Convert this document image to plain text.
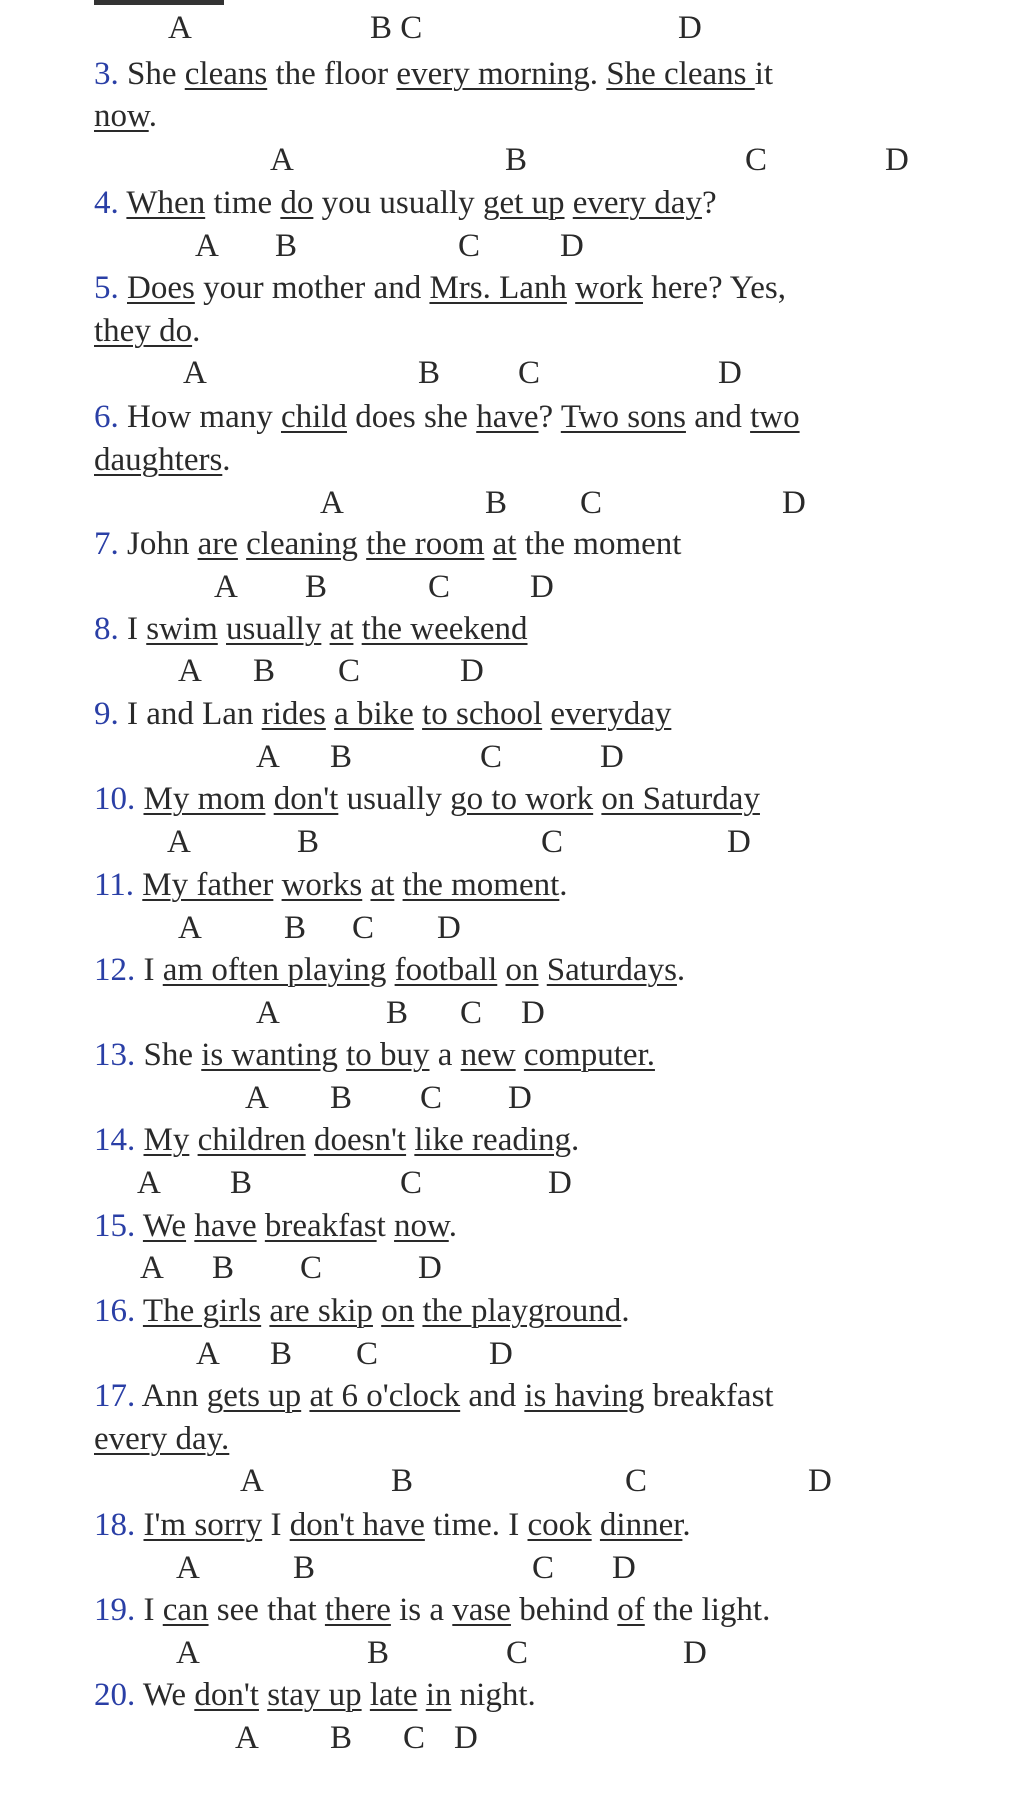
A	B C	D
3. She cleans the floor every morning. She cleans it
now.
A	B	C	D
4. When time do you usually get up every day?
A B	C D
5. Does your mother and Mrs. Lanh work here? Yes,
they do.
A	B C	D
6. How many child does she have? Two sons and two
daughters.
A	B C	D
7. John are cleaning the room at the moment
A B	C D
8. I swim usually at the weekend
A B C	D
9. I and Lan rides a bike to school everyday
A B	C	D
10. My mom don't usually go to work on Saturday
A	B	C	D
11. My father works at the moment.
A B C D
12. I am often playing football on Saturdays.
A	B C D
13. She is wanting to buy a new computer.
A B C D
14. My children doesn't like reading.
A B	C	D
15. We have breakfast now.
A B C	D
16. The girls are skip on the playground.
A B C	D
17. Ann gets up at 6 o'clock and is having breakfast
every day.
A	B	C	D
18. I'm sorry I don't have time. I cook dinner.
A	B	C D
19. I can see that there is a vase behind of the light.
A	B	C	D
20. We don't stay up late in night.
A B C D
